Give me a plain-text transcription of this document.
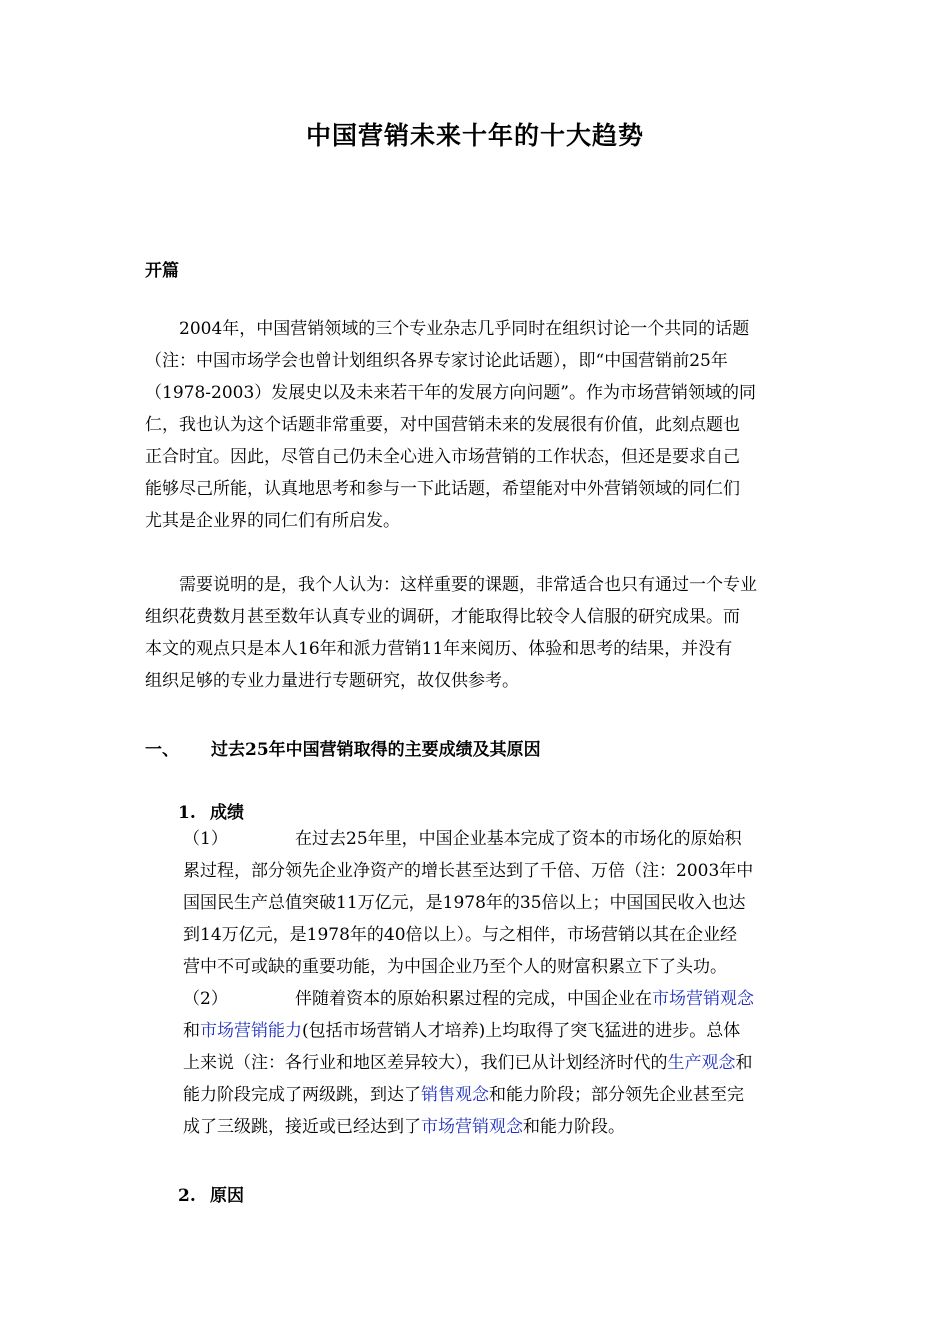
中国营销未来十年的十大趋势
开篇
2004年，中国营销领域的三个专业杂志几乎同时在组织讨论一个共同的话题
（注：中国市场学会也曾计划组织各界专家讨论此话题），即“中国营销前25年
（1978-2003）发展史以及未来若干年的发展方向问题”。作为市场营销领域的同
仁，我也认为这个话题非常重要，对中国营销未来的发展很有价值，此刻点题也
正合时宜。因此，尽管自己仍未全心进入市场营销的工作状态，但还是要求自己
能够尽己所能，认真地思考和参与一下此话题，希望能对中外营销领域的同仁们
尤其是企业界的同仁们有所启发。
需要说明的是，我个人认为：这样重要的课题，非常适合也只有通过一个专业
组织花费数月甚至数年认真专业的调研，才能取得比较令人信服的研究成果。而
本文的观点只是本人16年和派力营销11年来阅历、体验和思考的结果，并没有
组织足够的专业力量进行专题研究，故仅供参考。
一、 过去25年中国营销取得的主要成绩及其原因
1. 成绩
（1）	在过去25年里，中国企业基本完成了资本的市场化的原始积
累过程，部分领先企业净资产的增长甚至达到了千倍、万倍（注：2003年中
国国民生产总值突破11万亿元，是1978年的35倍以上；中国国民收入也达
到14万亿元，是1978年的40倍以上）。与之相伴，市场营销以其在企业经
营中不可或缺的重要功能，为中国企业乃至个人的财富积累立下了头功。
（2）	伴随着资本的原始积累过程的完成，中国企业在市场营销观念
和市场营销能力(包括市场营销人才培养)上均取得了突飞猛进的进步。总体
上来说（注：各行业和地区差异较大），我们已从计划经济时代的生产观念和
能力阶段完成了两级跳，到达了销售观念和能力阶段；部分领先企业甚至完
成了三级跳，接近或已经达到了市场营销观念和能力阶段。
2. 原因
